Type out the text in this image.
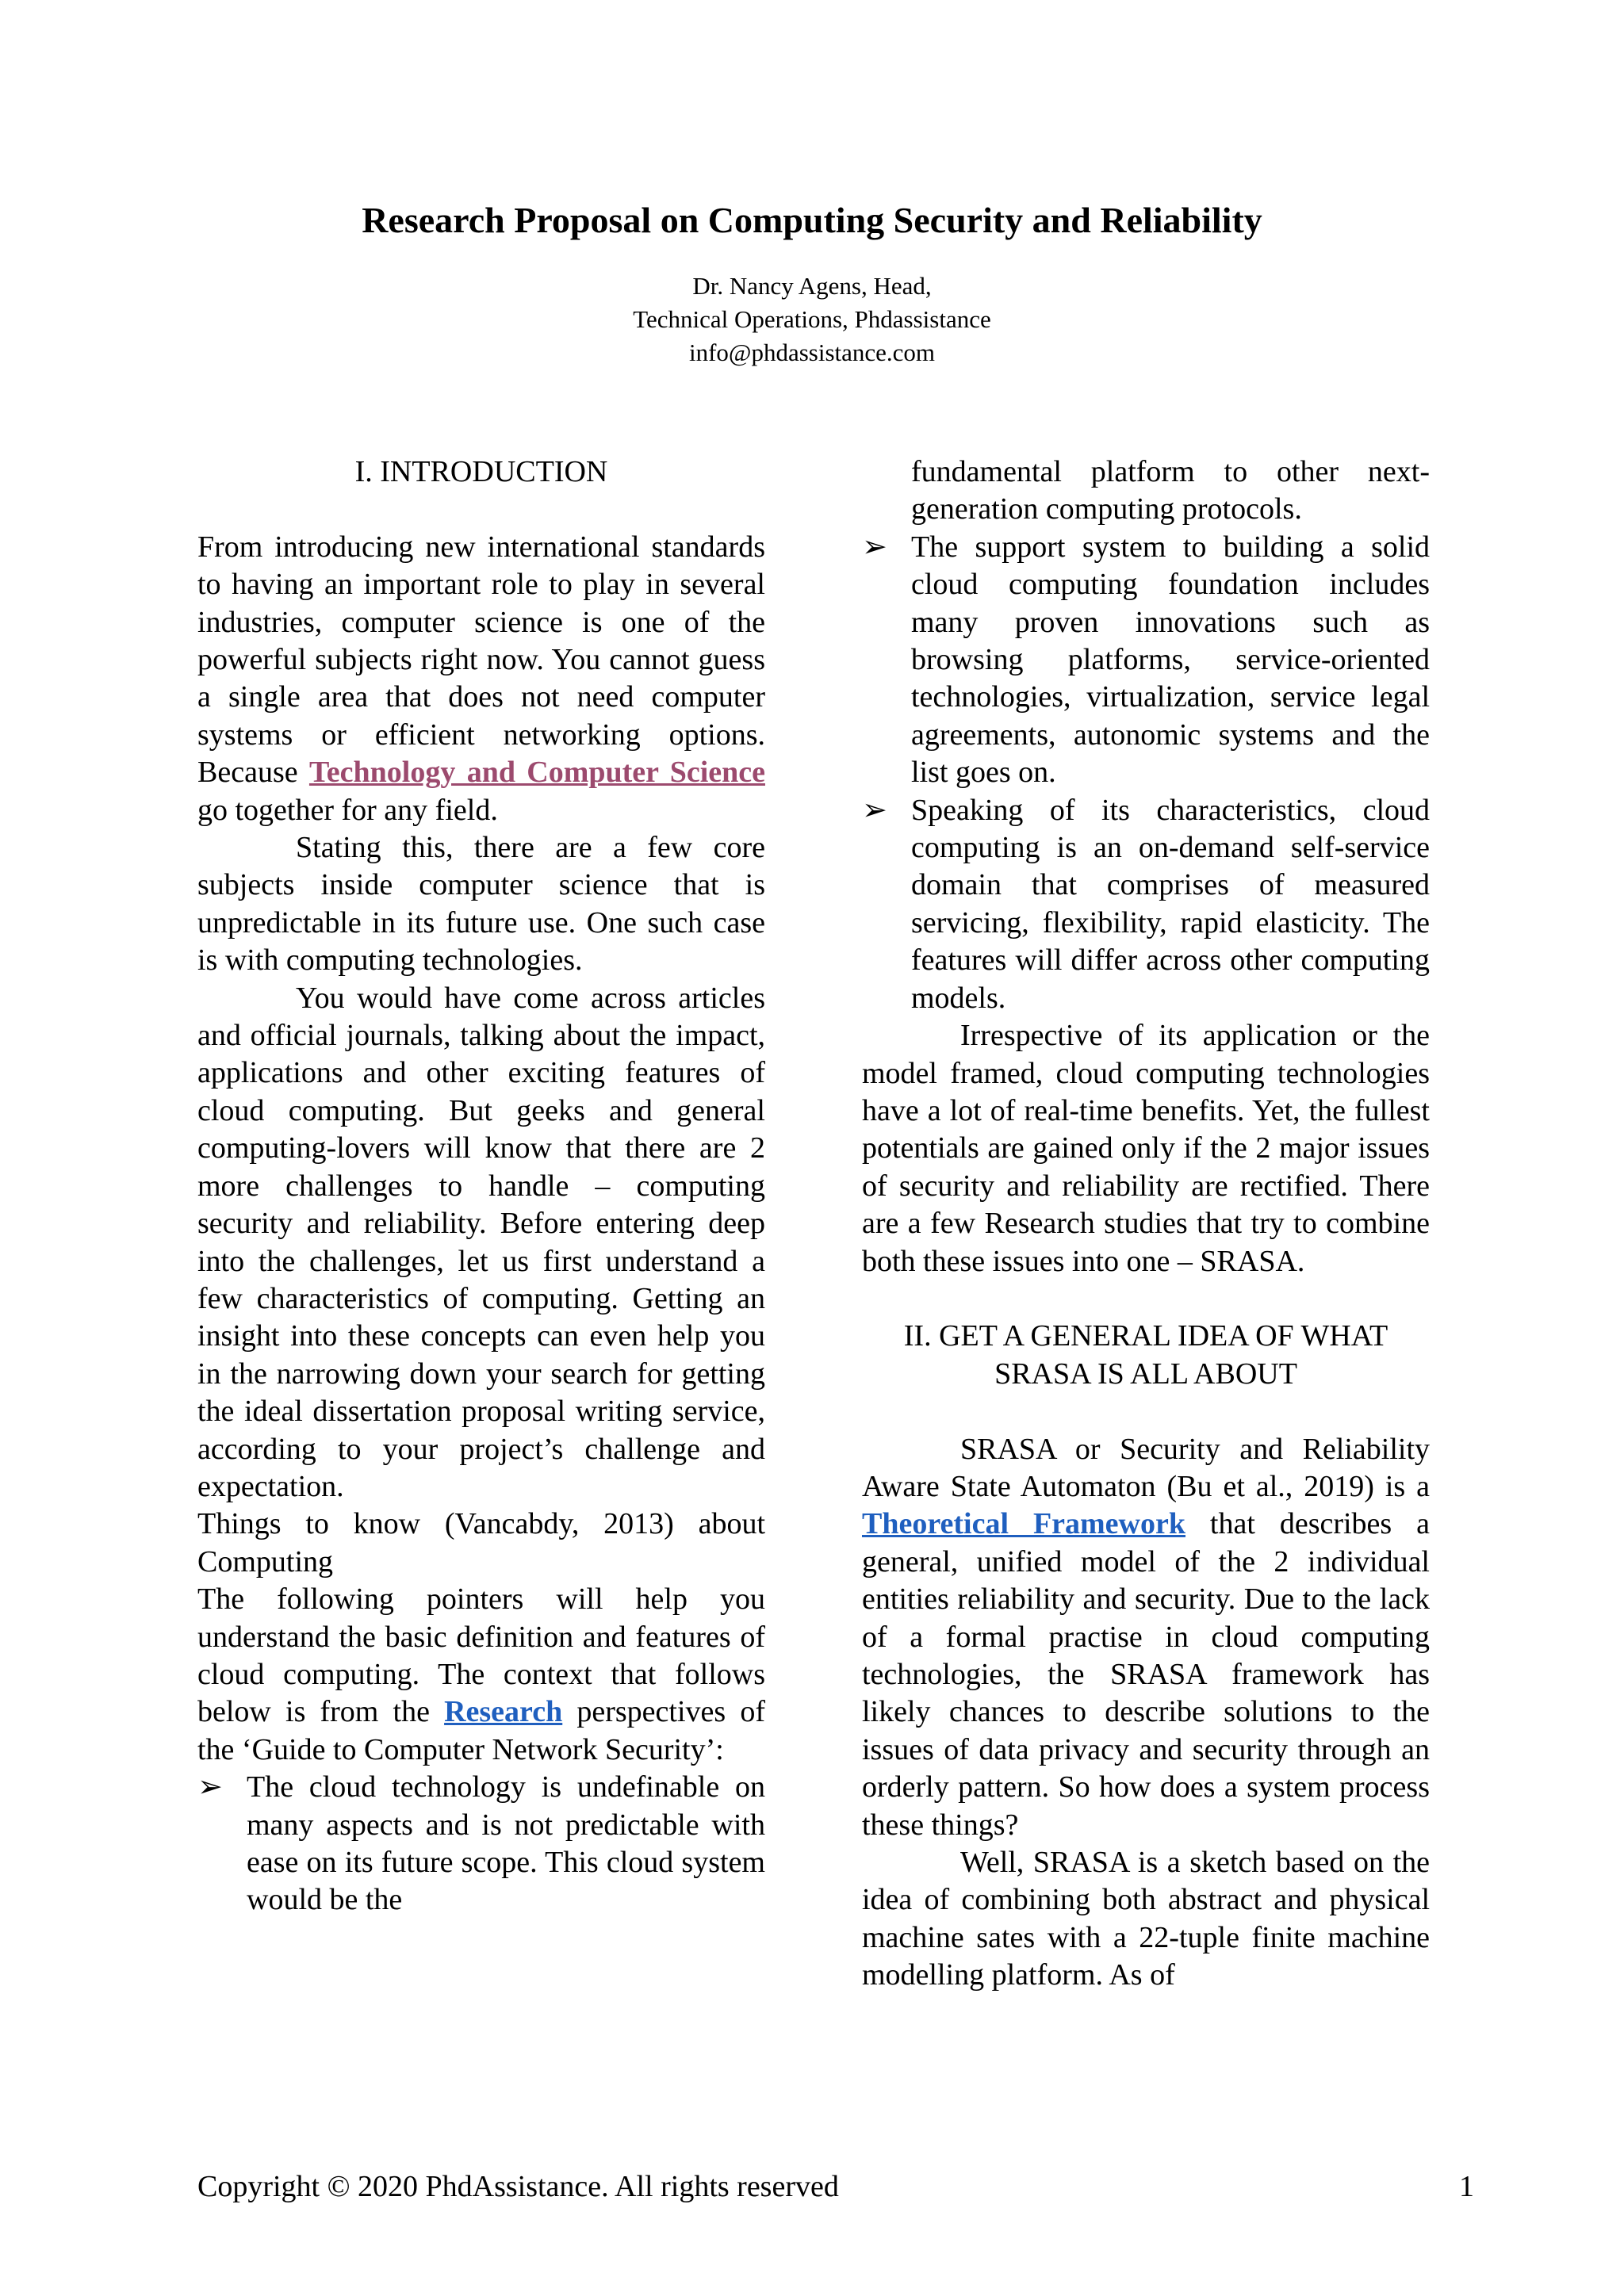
Research Proposal on Computing Security and Reliability
Dr. Nancy Agens, Head,
Technical Operations, Phdassistance
info@phdassistance.com
I. INTRODUCTION

From introducing new international standards to having an important role to play in several industries, computer science is one of the powerful subjects right now. You cannot guess a single area that does not need computer systems or efficient networking options. Because Technology and Computer Science go together for any field.

Stating this, there are a few core subjects inside computer science that is unpredictable in its future use. One such case is with computing technologies.

You would have come across articles and official journals, talking about the impact, applications and other exciting features of cloud computing. But geeks and general computing-lovers will know that there are 2 more challenges to handle – computing security and reliability. Before entering deep into the challenges, let us first understand a few characteristics of computing. Getting an insight into these concepts can even help you in the narrowing down your search for getting the ideal dissertation proposal writing service, according to your project’s challenge and expectation.

Things to know (Vancabdy, 2013) about Computing

The following pointers will help you understand the basic definition and features of cloud computing. The context that follows below is from the Research perspectives of the ‘Guide to Computer Network Security’:

➢ The cloud technology is undefinable on many aspects and is not predictable with ease on its future scope. This cloud system would be the
fundamental platform to other next-generation computing protocols.
➢ The support system to building a solid cloud computing foundation includes many proven innovations such as browsing platforms, service-oriented technologies, virtualization, service legal agreements, autonomic systems and the list goes on.
➢ Speaking of its characteristics, cloud computing is an on-demand self-service domain that comprises of measured servicing, flexibility, rapid elasticity. The features will differ across other computing models.

Irrespective of its application or the model framed, cloud computing technologies have a lot of real-time benefits. Yet, the fullest potentials are gained only if the 2 major issues of security and reliability are rectified. There are a few Research studies that try to combine both these issues into one – SRASA.

II. GET A GENERAL IDEA OF WHAT
SRASA IS ALL ABOUT

SRASA or Security and Reliability Aware State Automaton (Bu et al., 2019) is a Theoretical Framework that describes a general, unified model of the 2 individual entities reliability and security. Due to the lack of a formal practise in cloud computing technologies, the SRASA framework has likely chances to describe solutions to the issues of data privacy and security through an orderly pattern. So how does a system process these things?

Well, SRASA is a sketch based on the idea of combining both abstract and physical machine sates with a 22-tuple finite machine modelling platform. As of

Copyright © 2020 PhdAssistance. All rights reserved	1
